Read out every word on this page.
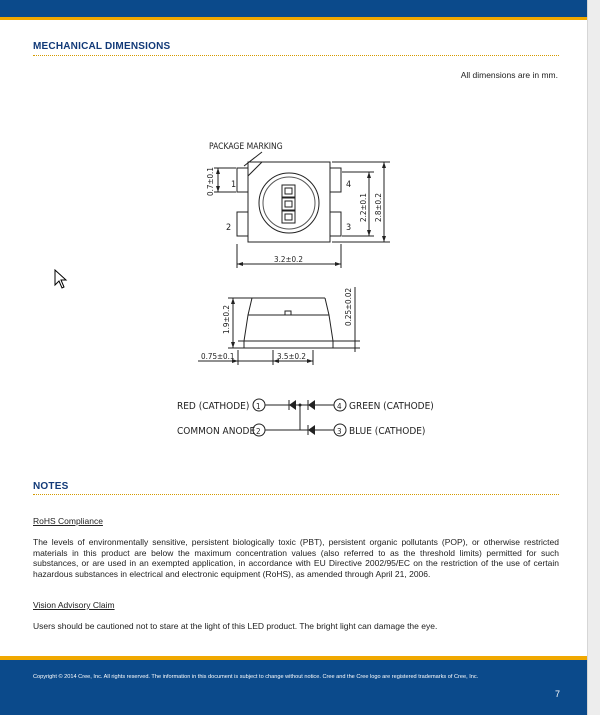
MECHANICAL DIMENSIONS
All dimensions are in mm.
PACKAGE MARKING
1
2
4
3
0.7±0.1
2.2±0.1 2.8±0.2
3.2±0.2
1.9±0.2	0.25±0.02
0.75±0.1	3.5±0.2
RED (CATHODE)
COMMON ANODE
GREEN (CATHODE)
BLUE (CATHODE)
1
2
4
3
NOTES
RoHS Compliance

The levels of environmentally sensitive, persistent biologically toxic (PBT), persistent organic pollutants (POP), or otherwise restricted materials in this product are below the maximum concentration values (also referred to as the threshold limits) permitted for such substances, or are used in an exempted application, in accordance with EU Directive 2002/95/EC on the restriction of the use of certain hazardous substances in electrical and electronic equipment (RoHS), as amended through April 21, 2006.

Vision Advisory Claim

Users should be cautioned not to stare at the light of this LED product. The bright light can damage the eye.

Copyright © 2014 Cree, Inc. All rights reserved. The information in this document is subject to change without notice. Cree and the Cree logo are registered trademarks of Cree, Inc.
7
